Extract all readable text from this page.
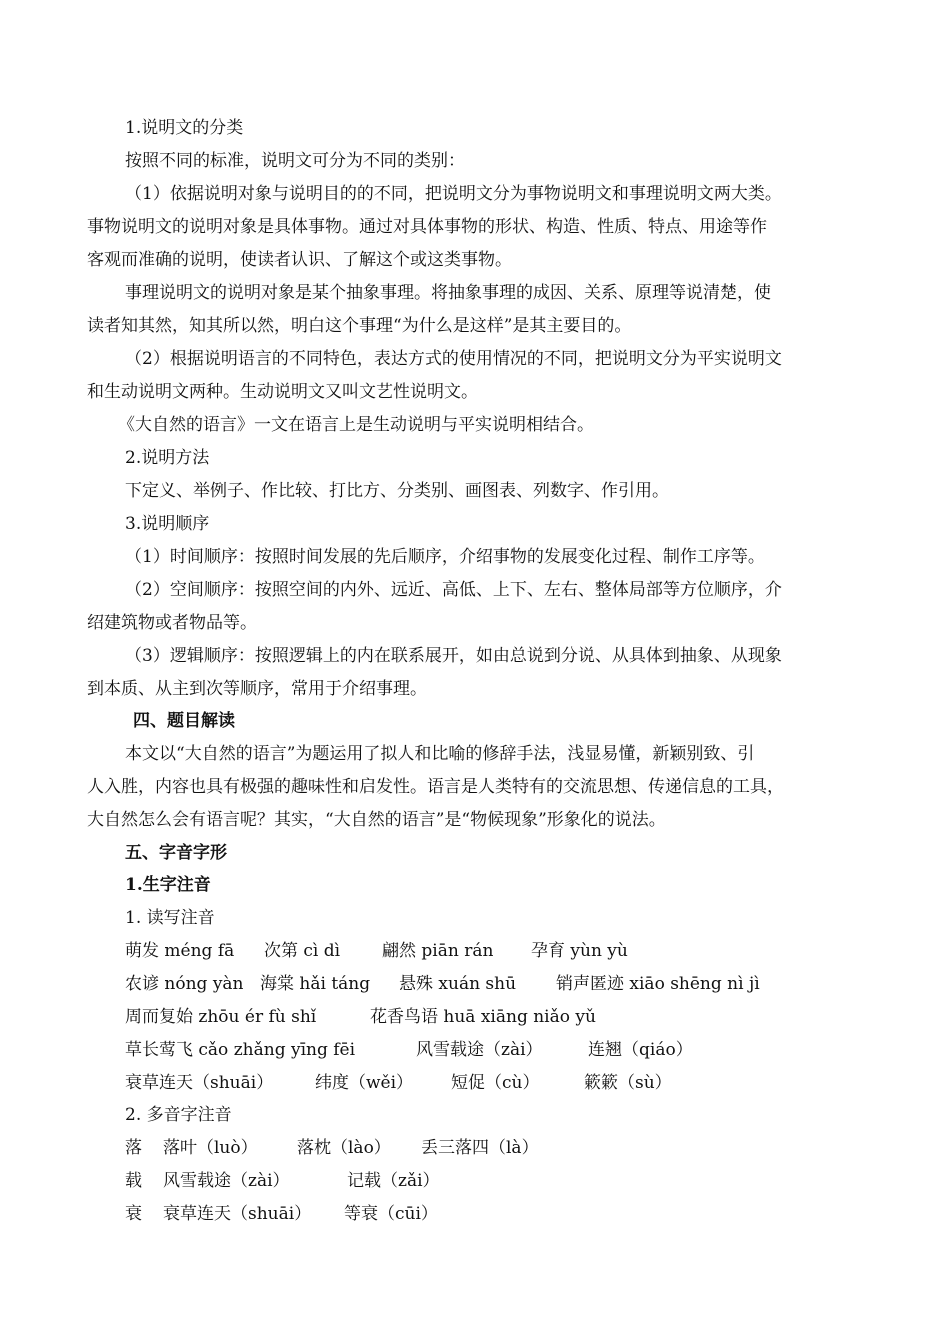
1.说明文的分类
按照不同的标准，说明文可分为不同的类别：
（1）依据说明对象与说明目的的不同，把说明文分为事物说明文和事理说明文两大类。
事物说明文的说明对象是具体事物。通过对具体事物的形状、构造、性质、特点、用途等作
客观而准确的说明，使读者认识、了解这个或这类事物。
事理说明文的说明对象是某个抽象事理。将抽象事理的成因、关系、原理等说清楚，使
读者知其然，知其所以然，明白这个事理“为什么是这样”是其主要目的。
（2）根据说明语言的不同特色，表达方式的使用情况的不同，把说明文分为平实说明文
和生动说明文两种。生动说明文又叫文艺性说明文。
《大自然的语言》一文在语言上是生动说明与平实说明相结合。
2.说明方法
下定义、举例子、作比较、打比方、分类别、画图表、列数字、作引用。
3.说明顺序
（1）时间顺序：按照时间发展的先后顺序，介绍事物的发展变化过程、制作工序等。
（2）空间顺序：按照空间的内外、远近、高低、上下、左右、整体局部等方位顺序，介
绍建筑物或者物品等。
（3）逻辑顺序：按照逻辑上的内在联系展开，如由总说到分说、从具体到抽象、从现象
到本质、从主到次等顺序，常用于介绍事理。
四、题目解读
本文以“大自然的语言”为题运用了拟人和比喻的修辞手法，浅显易懂，新颖别致、引
人入胜，内容也具有极强的趣味性和启发性。语言是人类特有的交流思想、传递信息的工具，
大自然怎么会有语言呢？其实，“大自然的语言”是“物候现象”形象化的说法。
五、字音字形
1.生字注音
1. 读写注音
萌发 méng fā 次第 cì dì 翩然 piān rán 孕育 yùn yù
农谚 nóng yàn 海棠 hǎi táng 悬殊 xuán shū 销声匿迹 xiāo shēng nì jì
周而复始 zhōu ér fù shǐ	花香鸟语 huā xiāng niǎo yǔ
草长莺飞 cǎo zhǎng yīng fēi	风雪载途（zài）	连翘（qiáo）
衰草连天（shuāi） 纬度（wěi） 短促（cù）	簌簌（sù）
2. 多音字注音
落 落叶（luò） 落枕（lào） 丢三落四（là）
载 风雪载途（zài）	记载（zǎi）
衰 衰草连天（shuāi） 等衰（cūi）
